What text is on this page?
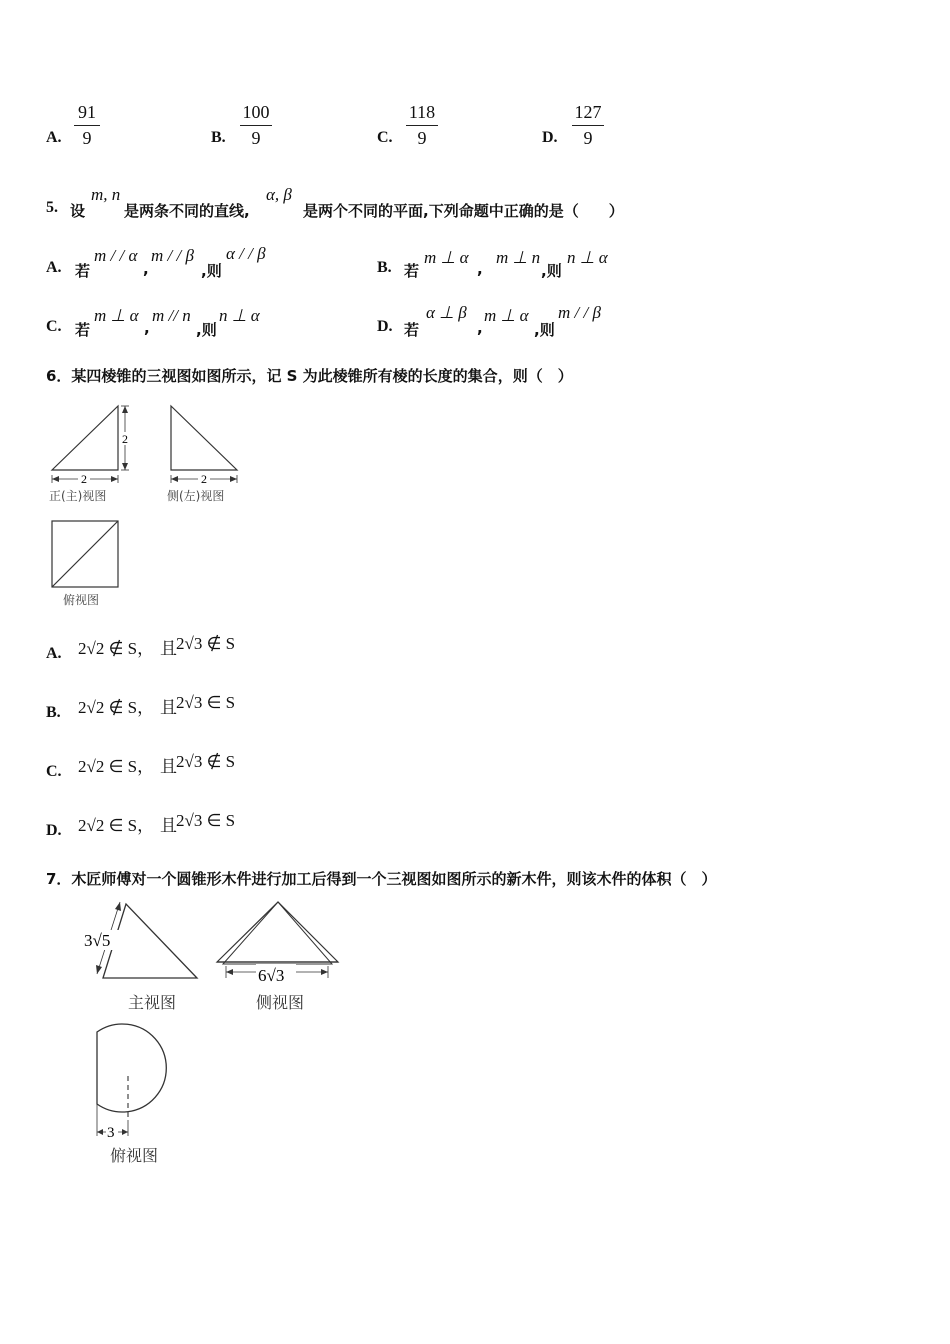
A.
91
9	B.
100
9	C.
118
9	D.
127
9
5. 设
m, n
是两条不同的直线,
α, β
是两个不同的平面,下列命题中正确的是（　　）
A. 若
m / / α
,
m / / β
,则
α / / β
B. 若
m ⊥ α
,
m ⊥ n
,则
n ⊥ α
C. 若
m ⊥ α
,
m // n
,则
n ⊥ α
D. 若
α ⊥ β
,
m ⊥ α
,则
m / / β
6．某四棱锥的三视图如图所示，记 S 为此棱锥所有棱的长度的集合，则（　）
2
2
正(主)视图
2
侧(左)视图
俯视图
A. 2√2 ∉ S， 且 2√3 ∉ S
B. 2√2 ∉ S， 且 2√3 ∈ S
C. 2√2 ∈ S， 且 2√3 ∉ S
D. 2√2 ∈ S， 且 2√3 ∈ S
7．木匠师傅对一个圆锥形木件进行加工后得到一个三视图如图所示的新木件，则该木件的体积（　）
3√5
主视图
6√3
侧视图
3
俯视图
